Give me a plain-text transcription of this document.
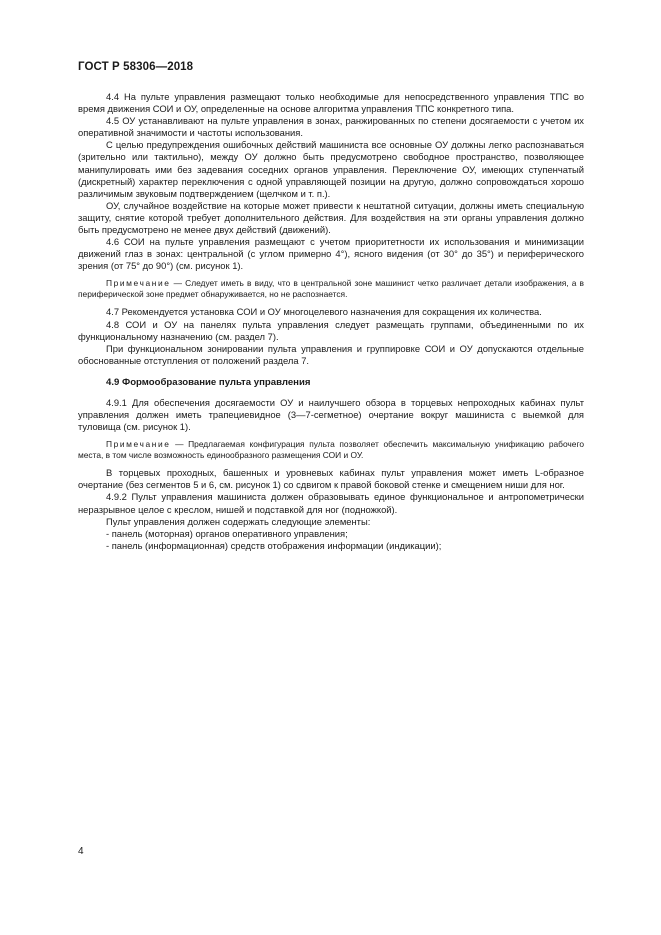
ГОСТ Р 58306—2018

4.4 На пульте управления размещают только необходимые для непосредственного управления ТПС во время движения СОИ и ОУ, определенные на основе алгоритма управления ТПС конкретного типа.

4.5 ОУ устанавливают на пульте управления в зонах, ранжированных по степени досягаемости с учетом их оперативной значимости и частоты использования.

С целью предупреждения ошибочных действий машиниста все основные ОУ должны легко распознаваться (зрительно или тактильно), между ОУ должно быть предусмотрено свободное пространство, позволяющее манипулировать ими без задевания соседних органов управления. Переключение ОУ, имеющих ступенчатый (дискретный) характер переключения с одной управляющей позиции на другую, должно сопровождаться хорошо различимым звуковым подтверждением (щелчком и т. п.).

ОУ, случайное воздействие на которые может привести к нештатной ситуации, должны иметь специальную защиту, снятие которой требует дополнительного действия. Для воздействия на эти органы управления должно быть предусмотрено не менее двух действий (движений).

4.6 СОИ на пульте управления размещают с учетом приоритетности их использования и минимизации движений глаз в зонах: центральной (с углом примерно 4°), ясного видения (от 30° до 35°) и периферического зрения (от 75° до 90°) (см. рисунок 1).

Примечание — Следует иметь в виду, что в центральной зоне машинист четко различает детали изображения, а в периферической зоне предмет обнаруживается, но не распознается.

4.7 Рекомендуется установка СОИ и ОУ многоцелевого назначения для сокращения их количества.

4.8 СОИ и ОУ на панелях пульта управления следует размещать группами, объединенными по их функциональному назначению (см. раздел 7).

При функциональном зонировании пульта управления и группировке СОИ и ОУ допускаются отдельные обоснованные отступления от положений раздела 7.

4.9 Формообразование пульта управления

4.9.1 Для обеспечения досягаемости ОУ и наилучшего обзора в торцевых непроходных кабинах пульт управления должен иметь трапециевидное (3—7-сегметное) очертание вокруг машиниста с выемкой для туловища (см. рисунок 1).

Примечание — Предлагаемая конфигурация пульта позволяет обеспечить максимальную унификацию рабочего места, в том числе возможность единообразного размещения СОИ и ОУ.

В торцевых проходных, башенных и уровневых кабинах пульт управления может иметь L-образное очертание (без сегментов 5 и 6, см. рисунок 1) со сдвигом к правой боковой стенке и смещением ниши для ног.

4.9.2 Пульт управления машиниста должен образовывать единое функциональное и антропометрически неразрывное целое с креслом, нишей и подставкой для ног (подножкой).

Пульт управления должен содержать следующие элементы:

- панель (моторная) органов оперативного управления;

- панель (информационная) средств отображения информации (индикации);

4
